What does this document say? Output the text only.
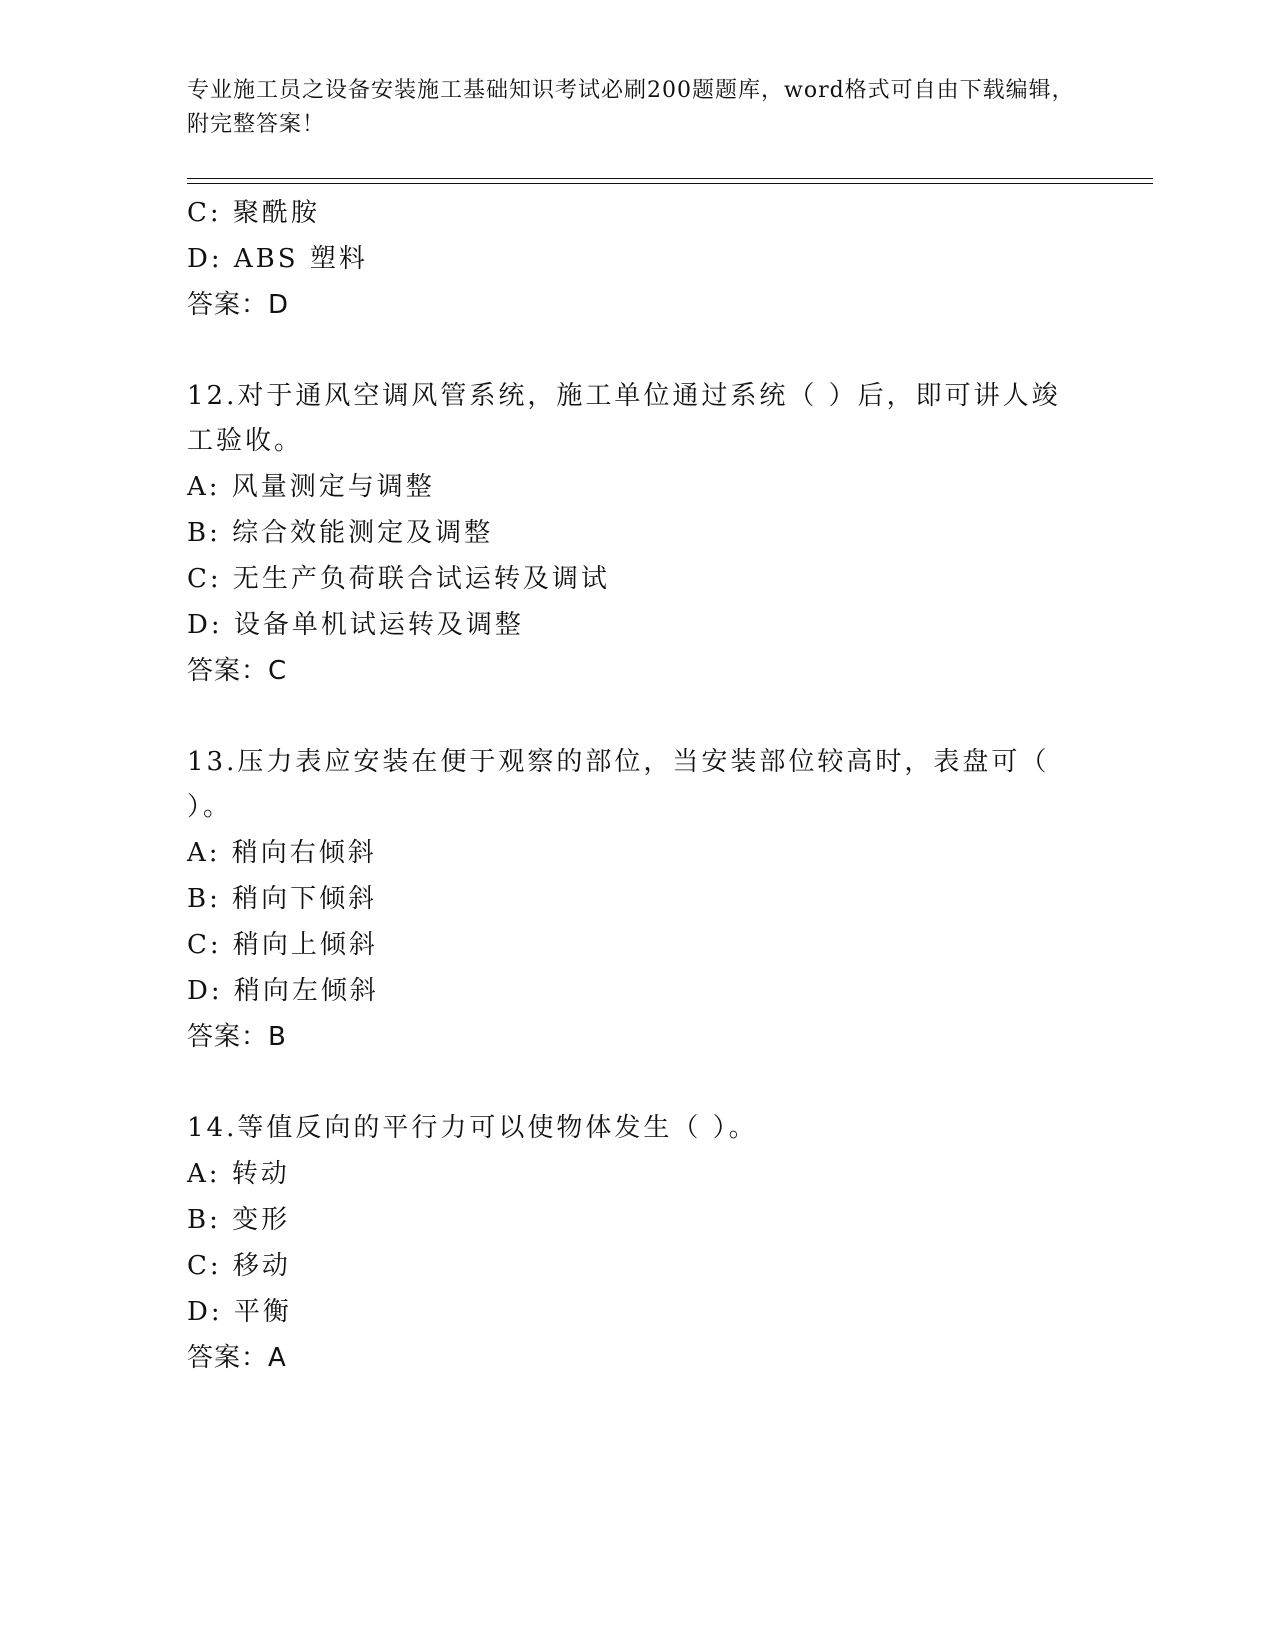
专业施工员之设备安装施工基础知识考试必刷200题题库，word格式可自由下载编辑，附完整答案！
C: 聚酰胺
D: ABS 塑料
答案：D
12.对于通风空调风管系统，施工单位通过系统（ ）后，即可讲人竣工验收。
A: 风量测定与调整
B: 综合效能测定及调整
C: 无生产负荷联合试运转及调试
D: 设备单机试运转及调整
答案：C
13.压力表应安装在便于观察的部位，当安装部位较高时，表盘可（ ）。
A: 稍向右倾斜
B: 稍向下倾斜
C: 稍向上倾斜
D: 稍向左倾斜
答案：B
14.等值反向的平行力可以使物体发生（ ）。
A: 转动
B: 变形
C: 移动
D: 平衡
答案：A
